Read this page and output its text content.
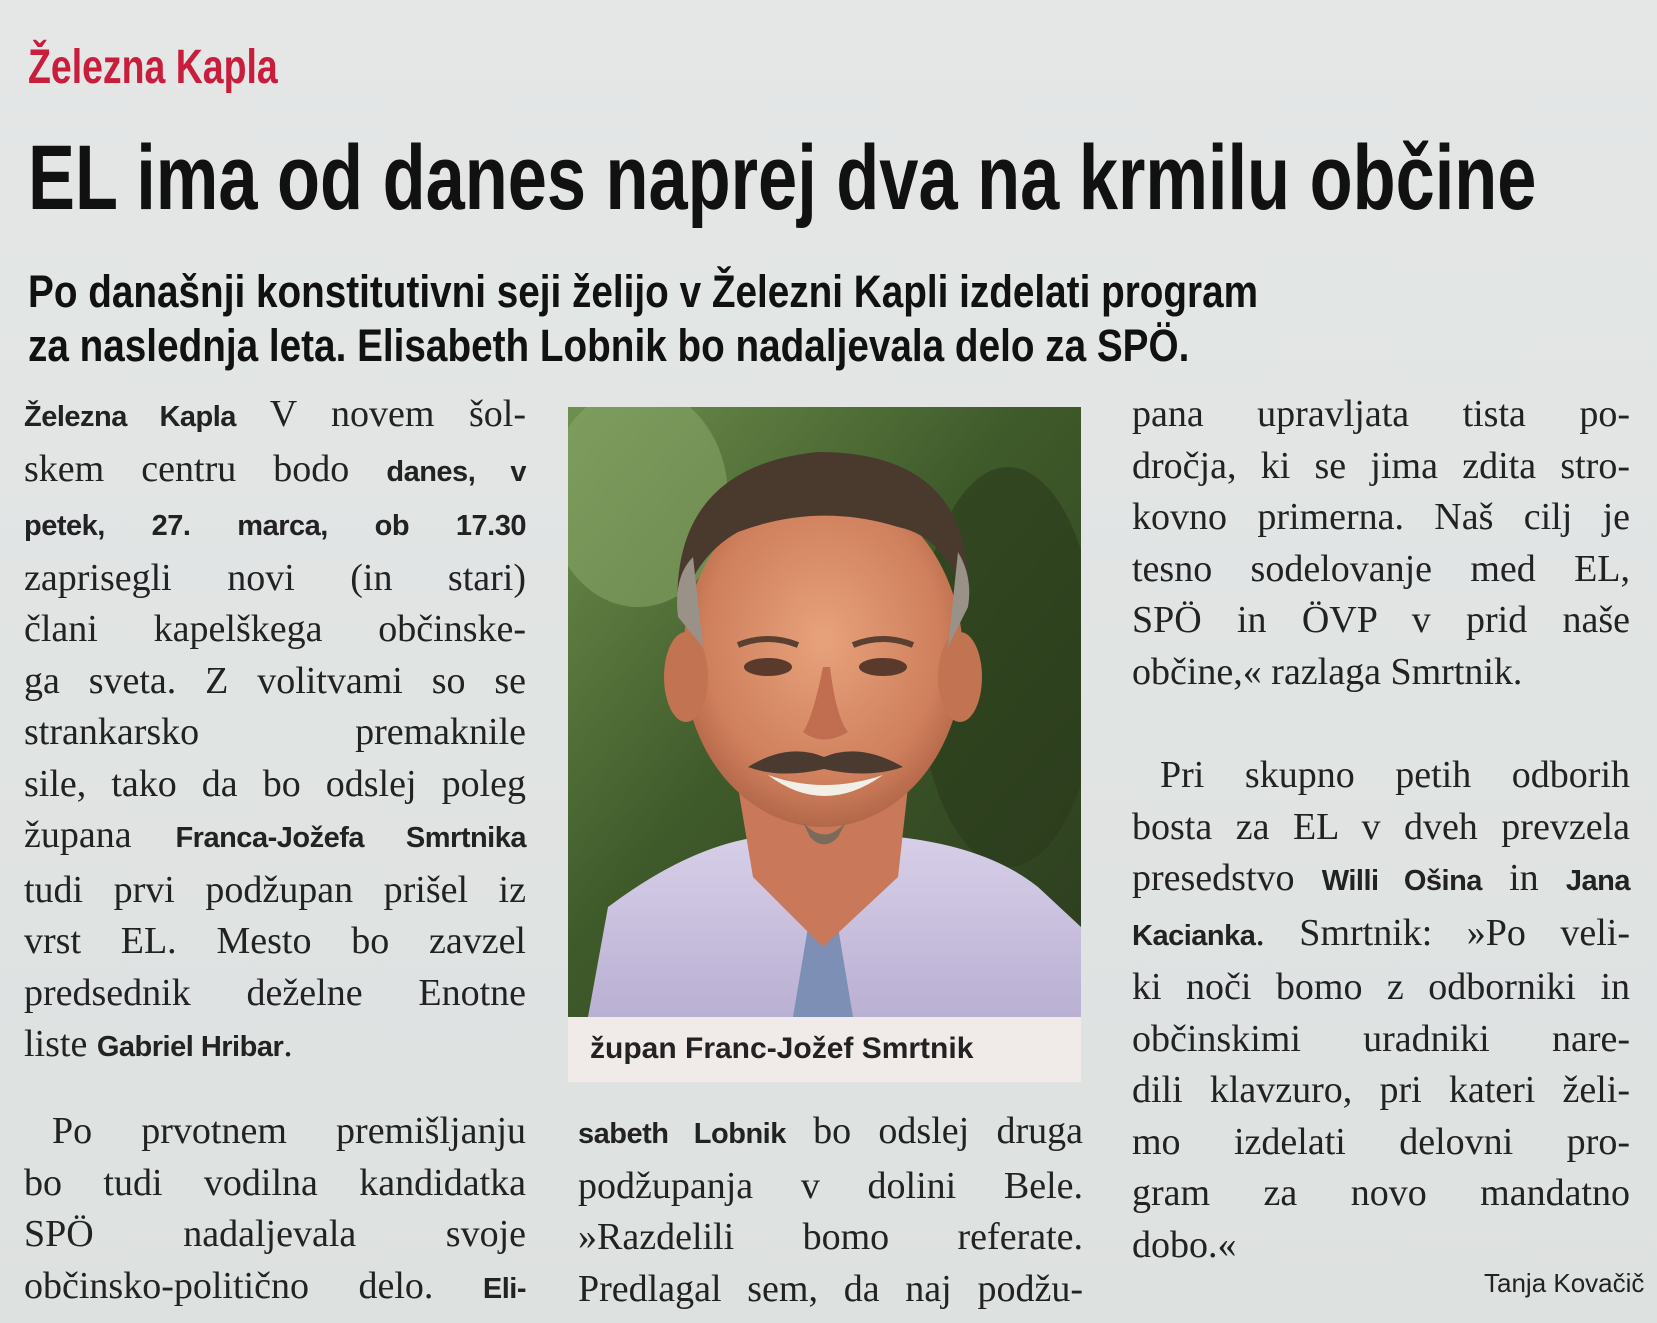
Železna Kapla
EL ima od danes naprej dva na krmilu občine
Po današnji konstitutivni seji želijo v Železni Kapli izdelati program
za naslednja leta. Elisabeth Lobnik bo nadaljevala delo za SPÖ.
Železna Kapla V novem šol-
skem centru bodo danes, v
petek, 27. marca, ob 17.30
zaprisegli novi (in stari)
člani kapelškega občinske-
ga sveta. Z volitvami so se
strankarsko premaknile
sile, tako da bo odslej poleg
župana Franca-Jožefa Smrtnika
tudi prvi podžupan prišel iz
vrst EL. Mesto bo zavzel
predsednik deželne Enotne
liste Gabriel Hribar.
Po prvotnem premišljanju
bo tudi vodilna kandidatka
SPÖ nadaljevala svoje
občinsko-politično delo. Eli-
župan Franc-Jožef Smrtnik
sabeth Lobnik bo odslej druga
podžupanja v dolini Bele.
»Razdelili bomo referate.
Predlagal sem, da naj podžu-
pana upravljata tista po-
dročja, ki se jima zdita stro-
kovno primerna. Naš cilj je
tesno sodelovanje med EL,
SPÖ in ÖVP v prid naše
občine,« razlaga Smrtnik.
Pri skupno petih odborih
bosta za EL v dveh prevzela
presedstvo Willi Ošina in Jana
Kacianka. Smrtnik: »Po veli-
ki noči bomo z odborniki in
občinskimi uradniki nare-
dili klavzuro, pri kateri želi-
mo izdelati delovni pro-
gram za novo mandatno
dobo.«
Tanja Kovačič
